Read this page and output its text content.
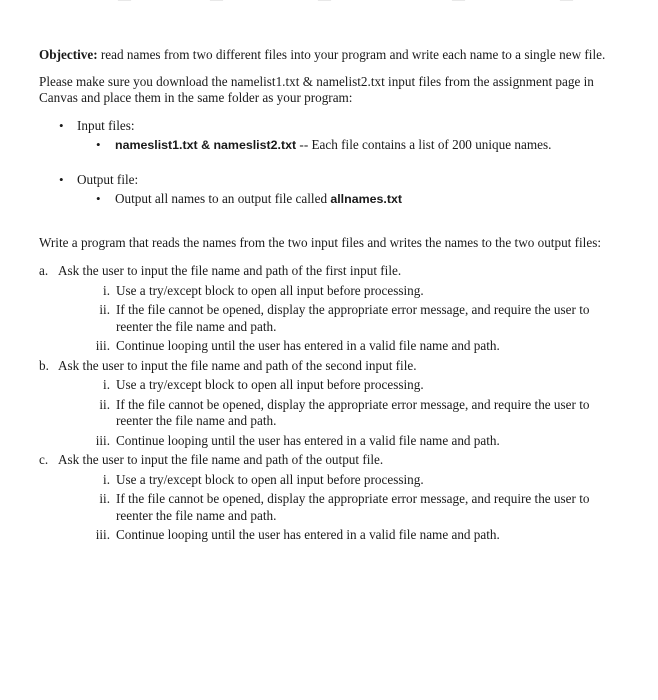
Objective: read names from two different files into your program and write each name to a single new file.

Please make sure you download the namelist1.txt & namelist2.txt input files from the assignment page in Canvas and place them in the same folder as your program:

• Input files:
• nameslist1.txt & nameslist2.txt -- Each file contains a list of 200 unique names.
• Output file:
• Output all names to an output file called allnames.txt

Write a program that reads the names from the two input files and writes the names to the two output files:

a. Ask the user to input the file name and path of the first input file.
i. Use a try/except block to open all input before processing.
ii. If the file cannot be opened, display the appropriate error message, and require the user to reenter the file name and path.
iii. Continue looping until the user has entered in a valid file name and path.
b. Ask the user to input the file name and path of the second input file.
i. Use a try/except block to open all input before processing.
ii. If the file cannot be opened, display the appropriate error message, and require the user to reenter the file name and path.
iii. Continue looping until the user has entered in a valid file name and path.
c. Ask the user to input the file name and path of the output file.
i. Use a try/except block to open all input before processing.
ii. If the file cannot be opened, display the appropriate error message, and require the user to reenter the file name and path.
iii. Continue looping until the user has entered in a valid file name and path.
